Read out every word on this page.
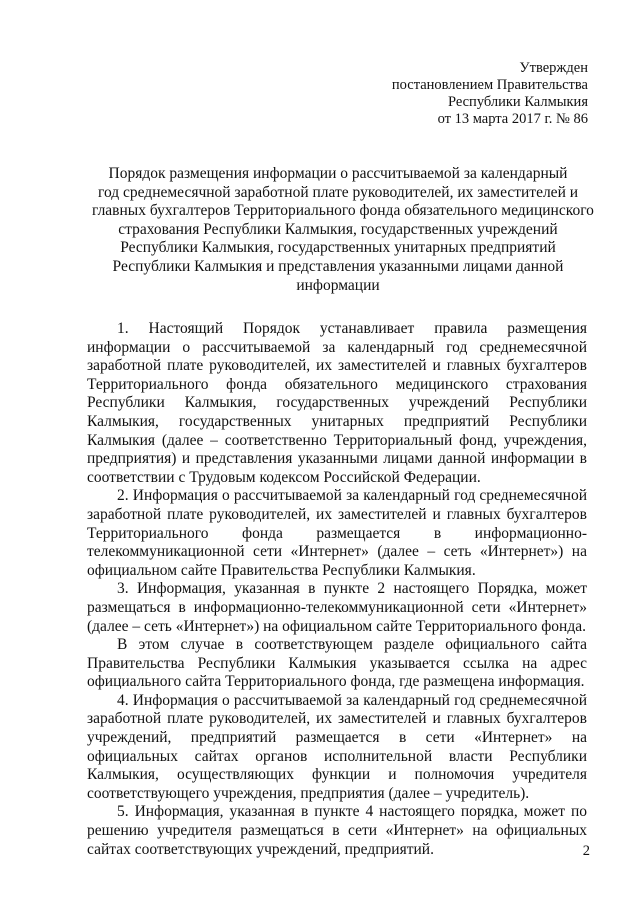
Утвержден
постановлением Правительства
Республики Калмыкия
от 13 марта 2017 г. № 86
Порядок размещения информации о рассчитываемой за календарный
год среднемесячной заработной плате руководителей, их заместителей и
главных бухгалтеров Территориального фонда обязательного медицинского
страхования Республики Калмыкия, государственных учреждений
Республики Калмыкия, государственных унитарных предприятий
Республики Калмыкия и представления указанными лицами данной
информации
1. Настоящий Порядок устанавливает правила размещения информации о рассчитываемой за календарный год среднемесячной заработной плате руководителей, их заместителей и главных бухгалтеров Территориального фонда обязательного медицинского страхования Республики Калмыкия, государственных учреждений Республики Калмыкия, государственных унитарных предприятий Республики Калмыкия (далее – соответственно Территориальный фонд, учреждения, предприятия) и представления указанными лицами данной информации в соответствии с Трудовым кодексом Российской Федерации.
2. Информация о рассчитываемой за календарный год среднемесячной заработной плате руководителей, их заместителей и главных бухгалтеров Территориального фонда размещается в информационно-телекоммуникационной сети «Интернет» (далее – сеть «Интернет») на официальном сайте Правительства Республики Калмыкия.
3. Информация, указанная в пункте 2 настоящего Порядка, может размещаться в информационно-телекоммуникационной сети «Интернет» (далее – сеть «Интернет») на официальном сайте Территориального фонда.
В этом случае в соответствующем разделе официального сайта Правительства Республики Калмыкия указывается ссылка на адрес официального сайта Территориального фонда, где размещена информация.
4. Информация о рассчитываемой за календарный год среднемесячной заработной плате руководителей, их заместителей и главных бухгалтеров учреждений, предприятий размещается в сети «Интернет» на официальных сайтах органов исполнительной власти Республики Калмыкия, осуществляющих функции и полномочия учредителя соответствующего учреждения, предприятия (далее – учредитель).
5. Информация, указанная в пункте 4 настоящего порядка, может по решению учредителя размещаться в сети «Интернет» на официальных сайтах соответствующих учреждений, предприятий.	2
